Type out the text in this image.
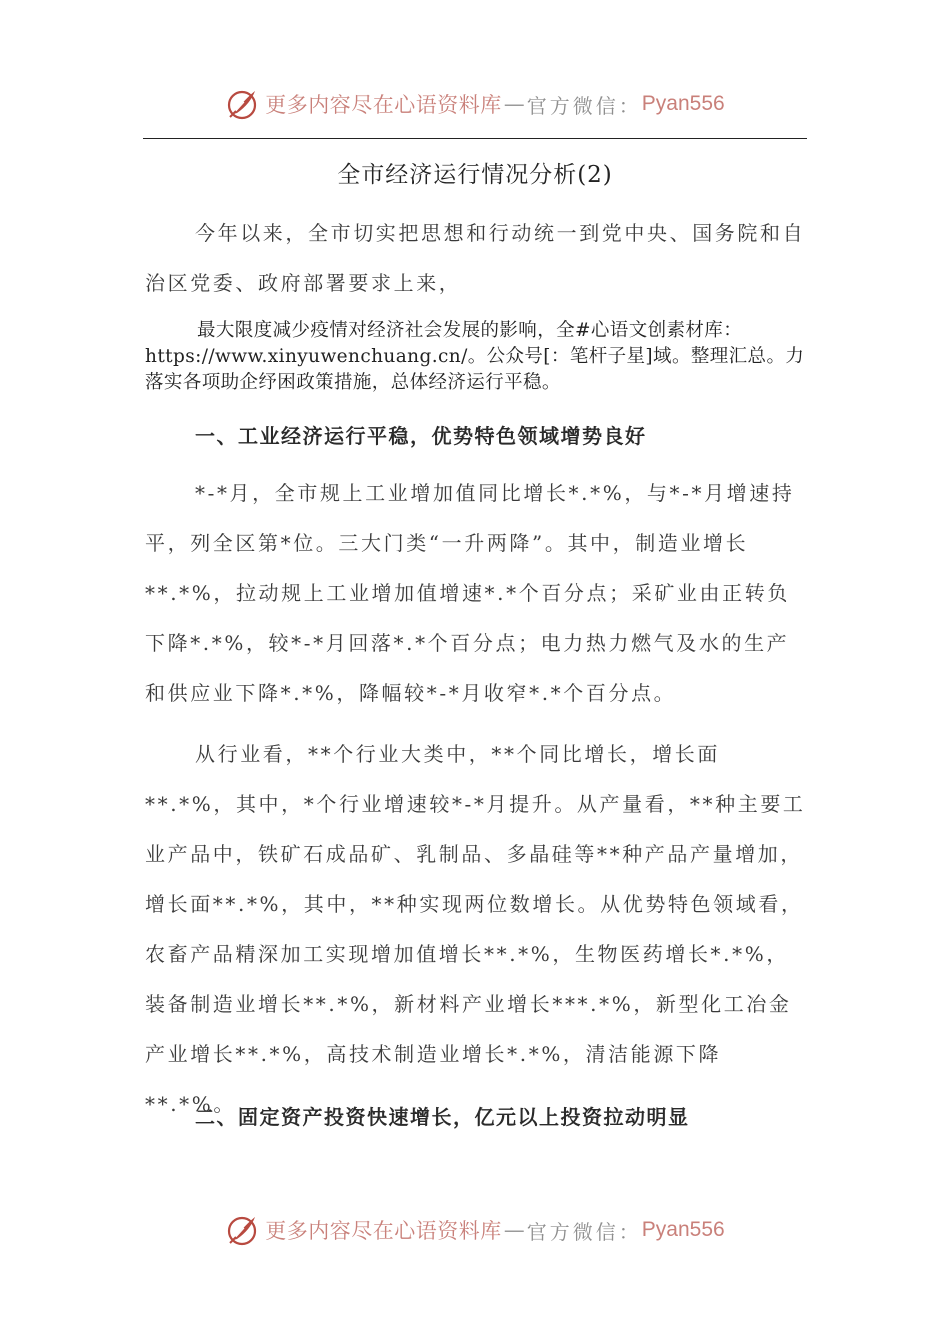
更多内容尽在心语资料库 — 官方微信： Pyan556
全市经济运行情况分析(2)

今年以来，全市切实把思想和行动统一到党中央、国务院和自治区党委、政府部署要求上来，

最大限度减少疫情对经济社会发展的影响，全#心语文创素材库：https://www.xinyuwenchuang.cn/。公众号[：笔杆子星]域。整理汇总。力落实各项助企纾困政策措施，总体经济运行平稳。

一、工业经济运行平稳，优势特色领域增势良好

*-*月，全市规上工业增加值同比增长*.*%，与*-*月增速持平，列全区第*位。三大门类“一升两降”。其中，制造业增长**.*%，拉动规上工业增加值增速*.*个百分点；采矿业由正转负下降*.*%，较*-*月回落*.*个百分点；电力热力燃气及水的生产和供应业下降*.*%，降幅较*-*月收窄*.*个百分点。

从行业看，**个行业大类中，**个同比增长，增长面**.*%，其中，*个行业增速较*-*月提升。从产量看，**种主要工业产品中，铁矿石成品矿、乳制品、多晶硅等**种产品产量增加，增长面**.*%，其中，**种实现两位数增长。从优势特色领域看，农畜产品精深加工实现增加值增长**.*%，生物医药增长*.*%，装备制造业增长**.*%，新材料产业增长***.*%，新型化工冶金产业增长**.*%，高技术制造业增长*.*%，清洁能源下降**.*%。

二、固定资产投资快速增长，亿元以上投资拉动明显

更多内容尽在心语资料库 — 官方微信： Pyan556
